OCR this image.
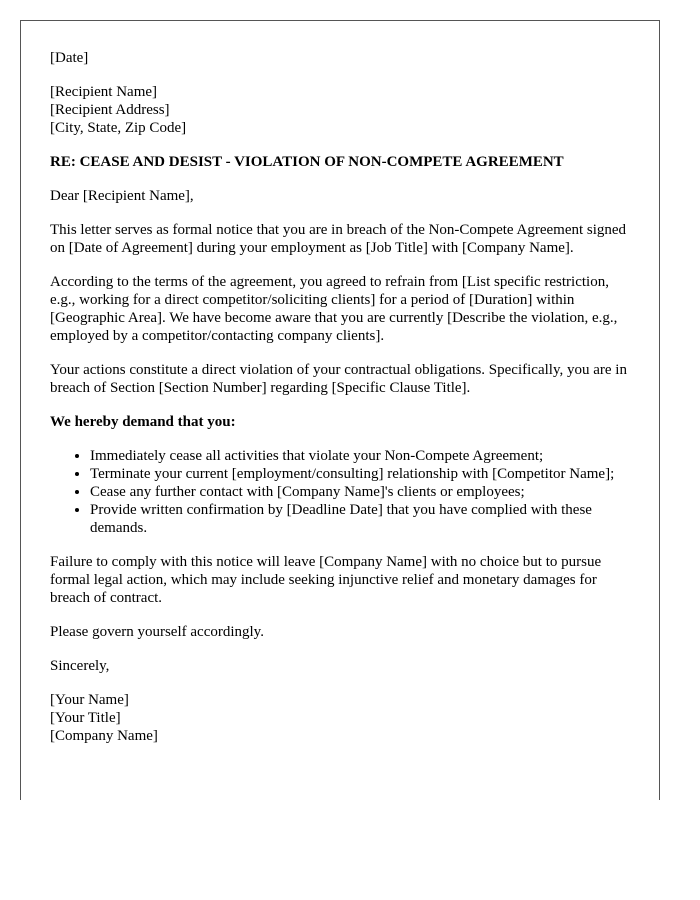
[Date]

[Recipient Name]
[Recipient Address]
[City, State, Zip Code]

RE: CEASE AND DESIST - VIOLATION OF NON-COMPETE AGREEMENT

Dear [Recipient Name],

This letter serves as formal notice that you are in breach of the Non-Compete Agreement signed on [Date of Agreement] during your employment as [Job Title] with [Company Name].

According to the terms of the agreement, you agreed to refrain from [List specific restriction, e.g., working for a direct competitor/soliciting clients] for a period of [Duration] within [Geographic Area]. We have become aware that you are currently [Describe the violation, e.g., employed by a competitor/contacting company clients].

Your actions constitute a direct violation of your contractual obligations. Specifically, you are in breach of Section [Section Number] regarding [Specific Clause Title].

We hereby demand that you:

• Immediately cease all activities that violate your Non-Compete Agreement;
• Terminate your current [employment/consulting] relationship with [Competitor Name];
• Cease any further contact with [Company Name]'s clients or employees;
• Provide written confirmation by [Deadline Date] that you have complied with these demands.

Failure to comply with this notice will leave [Company Name] with no choice but to pursue formal legal action, which may include seeking injunctive relief and monetary damages for breach of contract.

Please govern yourself accordingly.

Sincerely,

[Your Name]
[Your Title]
[Company Name]
